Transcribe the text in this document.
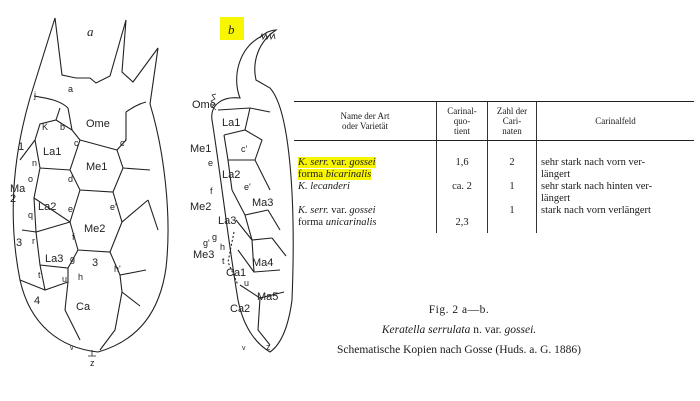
a	b
Ome
Me1
Me2
La1
La2
La3
Ca
K b
a
j
c	c'
d
e	e'
n
o
1
2
Ma
3
3
4
q
r	f
g
h
h'
t u
v
z
Ome
Me1
Me2
Me3
La1
La2
La3
Ma3
Ma4
Ma5
Ca1
Ca2
c'
e
e'
f
g
g' h
t
u
v z
Name der Art
oder Varietät	Carinal-
quo-
tient	Zahl der
Cari-
naten	Carinalfeld
K. serr. var. gossei
forma bicarinalis	1,6	2	sehr stark nach vorn ver-
längert
K. lecanderi	ca. 2	1	sehr stark nach hinten ver-
längert
K. serr. var. gossei
forma unicarinalis	2,3	1	stark nach vorn verlängert
Fig. 2 a—b.
Keratella serrulata n. var. gossei.
Schematische Kopien nach Gosse (Huds. a. G. 1886)
